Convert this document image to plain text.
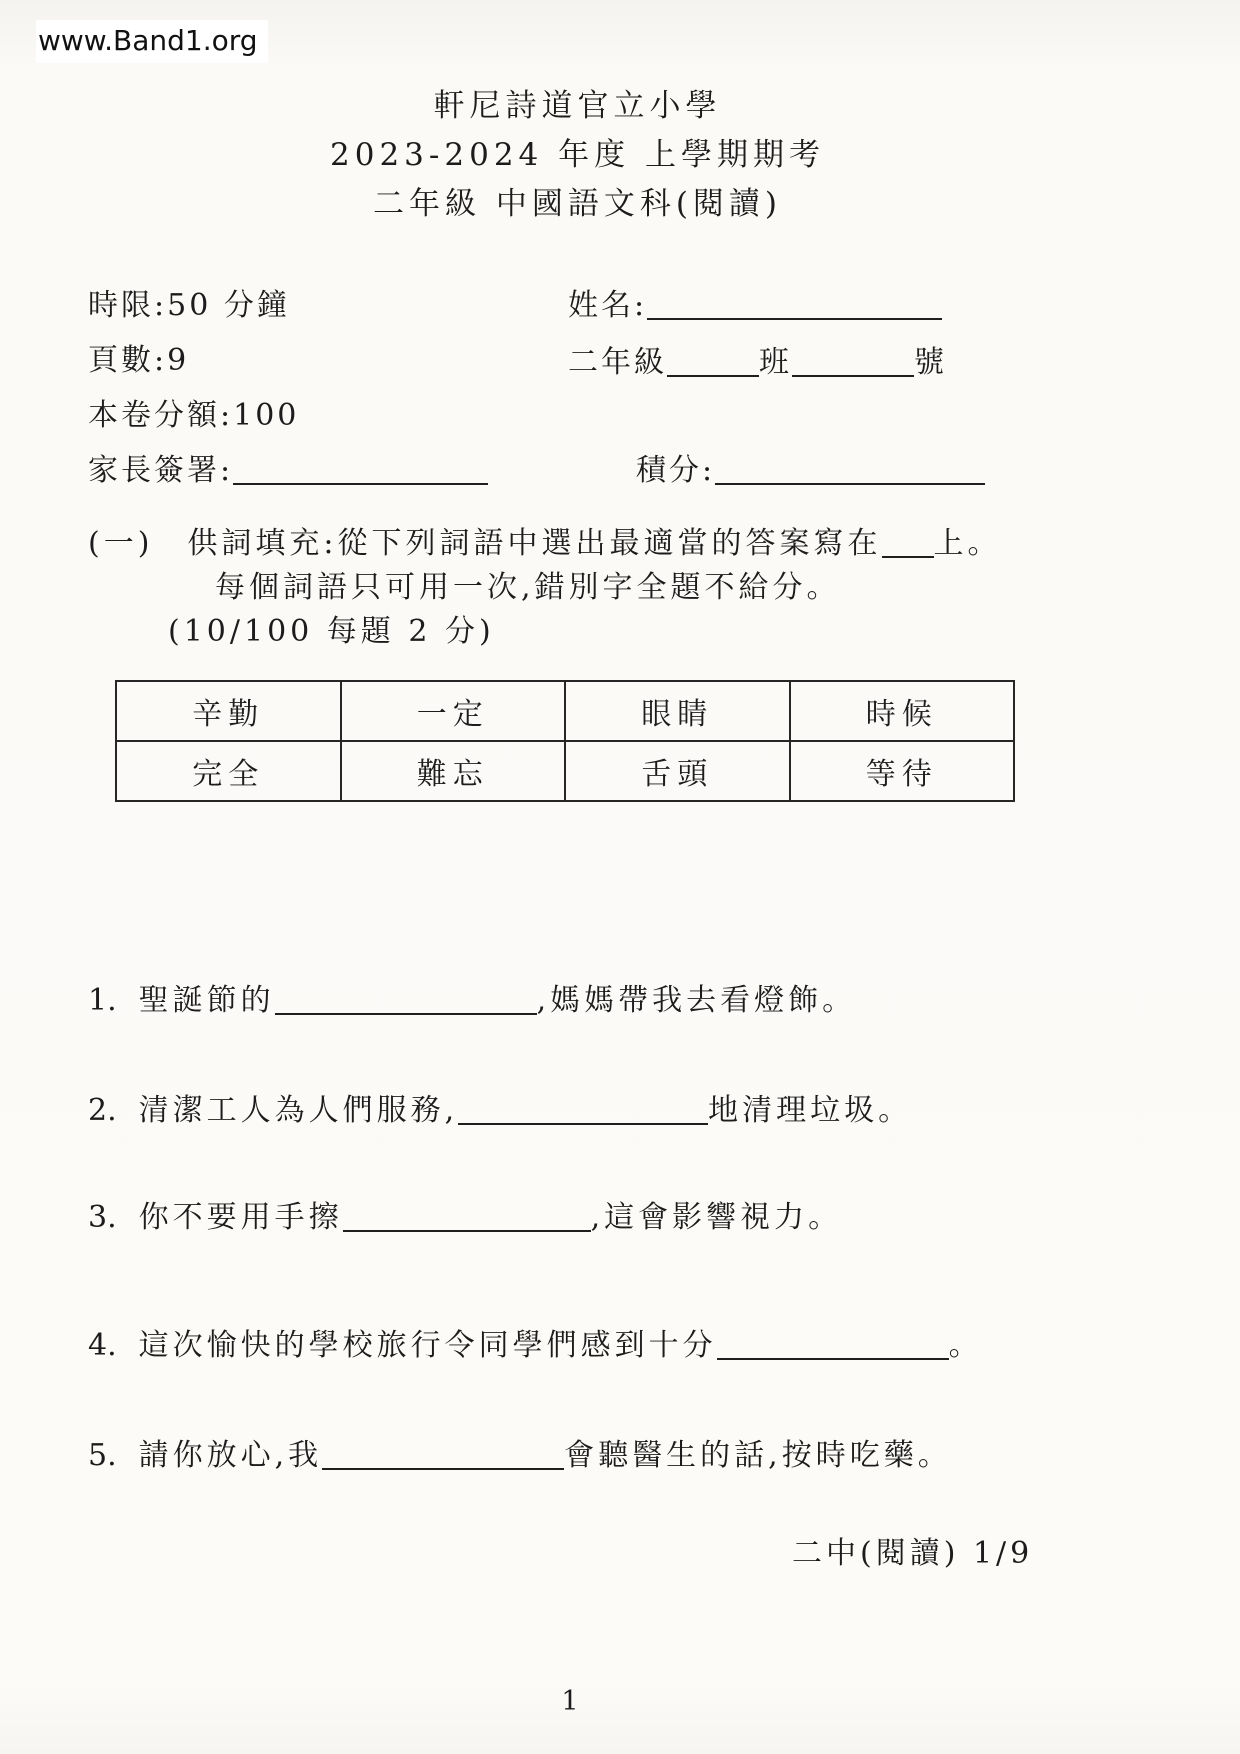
www.Band1.org
軒尼詩道官立小學
2023-2024 年度 上學期期考
二年級 中國語文科(閱讀)
時限:50 分鐘
頁數:9
本卷分額:100
家長簽署:
姓名:
二年級	班	號
積分:
(一) 供詞填充:從下列詞語中選出最適當的答案寫在 上。
每個詞語只可用一次,錯別字全題不給分。
(10/100 每題 2 分)
辛勤	一定	眼睛	時候
完全	難忘	舌頭	等待
1. 聖誕節的	,媽媽帶我去看燈飾。
2. 清潔工人為人們服務,	地清理垃圾。
3. 你不要用手擦	,這會影響視力。
4. 這次愉快的學校旅行令同學們感到十分	。
5. 請你放心,我	會聽醫生的話,按時吃藥。
二中(閱讀) 1/9
1
